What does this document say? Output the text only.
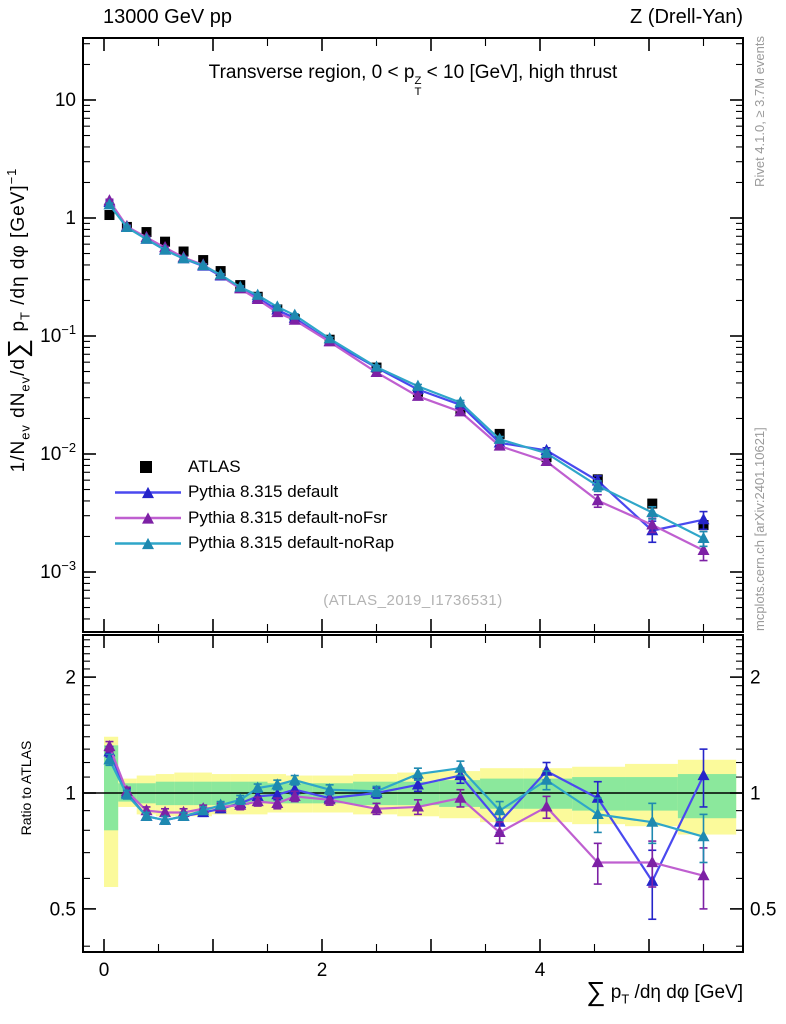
$1/N_{ev}$ $dN_{ev}/d\sum$ $p_T$ /dη dφ [GeV]$^{-1}$
∑ $p_T$ /dη dφ [GeV]
Ratio to ATLAS
Rivet 4.1.0, ≥ 3.7M events
mcplots.cern.ch [arXiv:2401.10621]
0	2	4
10
1
$10^{-1}$
$10^{-2}$
$10^{-3}$
2	2
1	1
0.5	0.5
13000 GeV pp	Z (Drell-Yan)
Transverse region, 0 < p Z
T
< 10 [GeV], high thrust
(ATLAS_2019_I1736531)
ATLAS
Pythia 8.315 default
Pythia 8.315 default-noFsr
Pythia 8.315 default-noRap
